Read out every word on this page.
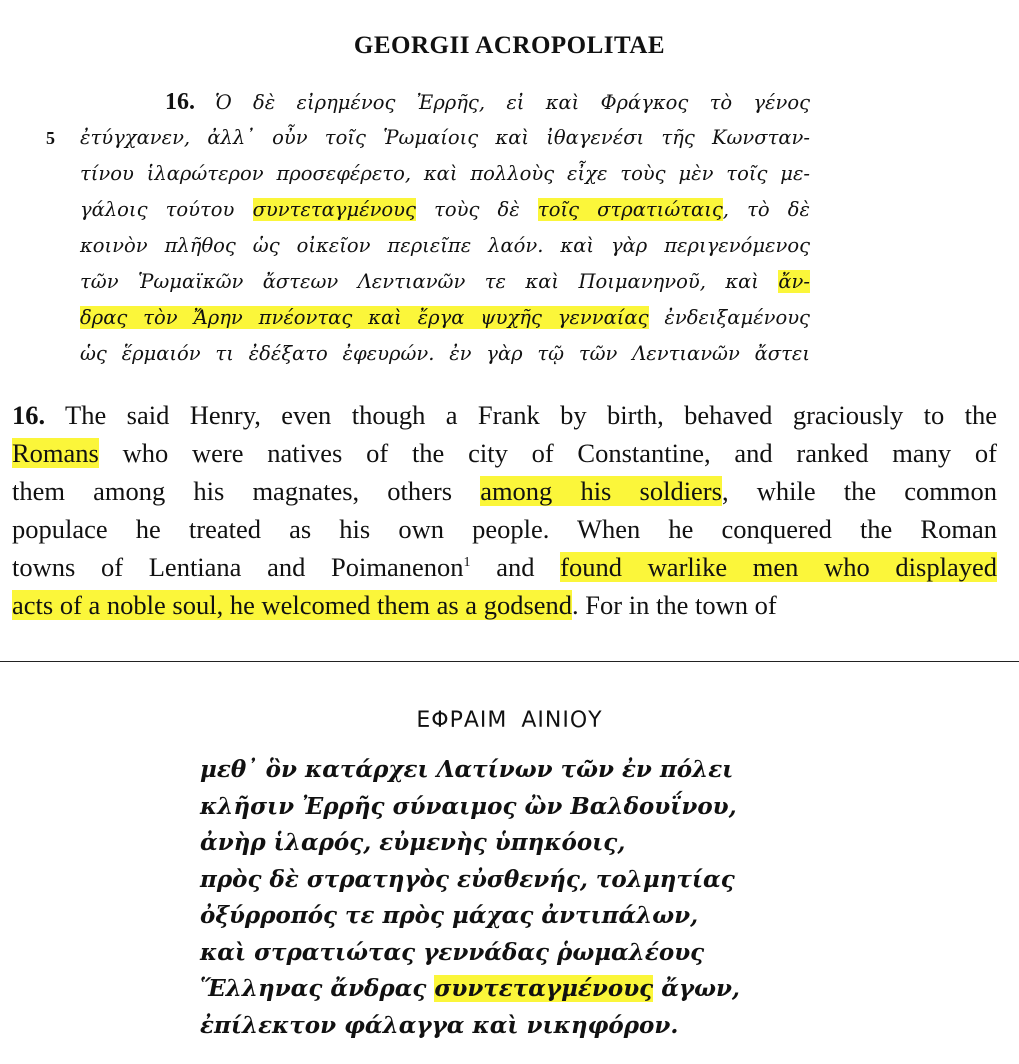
GEORGII ACROPOLITAE
16. Ὁ δὲ εἰρημένος Ἐρρῆς, εἰ καὶ Φράγκος τὸ γένος
5 ἐτύγχανεν, ἀλλ᾿ οὖν τοῖς Ῥωμαίοις καὶ ἰθαγενέσι τῆς Κωνσταν-
τίνου ἱλαρώτερον προσεφέρετο, καὶ πολλοὺς εἶχε τοὺς μὲν τοῖς με-
γάλοις τούτου συντεταγμένους τοὺς δὲ τοῖς στρατιώταις, τὸ δὲ
κοινὸν πλῆθος ὡς οἰκεῖον περιεῖπε λαόν. καὶ γὰρ περιγενόμενος
τῶν Ῥωμαϊκῶν ἄστεων Λεντιανῶν τε καὶ Ποιμανηνοῦ, καὶ ἄν-
δρας τὸν Ἄρην πνέοντας καὶ ἔργα ψυχῆς γενναίας ἐνδειξαμένους
ὡς ἕρμαιόν τι ἐδέξατο ἐφευρών. ἐν γὰρ τῷ τῶν Λεντιανῶν ἄστει
16. The said Henry, even though a Frank by birth, behaved graciously to the
Romans who were natives of the city of Constantine, and ranked many of
them among his magnates, others among his soldiers, while the common
populace he treated as his own people. When he conquered the Roman
towns of Lentiana and Poimanenon$^1$ and found warlike men who displayed
acts of a noble soul, he welcomed them as a godsend. For in the town of
ΕΦΡΑΙΜ ΑΙΝΙΟΥ
μεθ᾿ ὃν κατάρχει Λατίνων τῶν ἐν πόλει
κλῆσιν Ἐρρῆς σύναιμος ὢν Βαλδουΐνου,
ἀνὴρ ἱλαρός, εὐμενὴς ὑπηκόοις,
πρὸς δὲ στρατηγὸς εὐσθενής, τολμητίας
ὀξύρροπός τε πρὸς μάχας ἀντιπάλων,
καὶ στρατιώτας γεννάδας ῥωμαλέους
Ἕλληνας ἄνδρας συντεταγμένους ἄγων,
ἐπίλεκτον φάλαγγα καὶ νικηφόρον.
